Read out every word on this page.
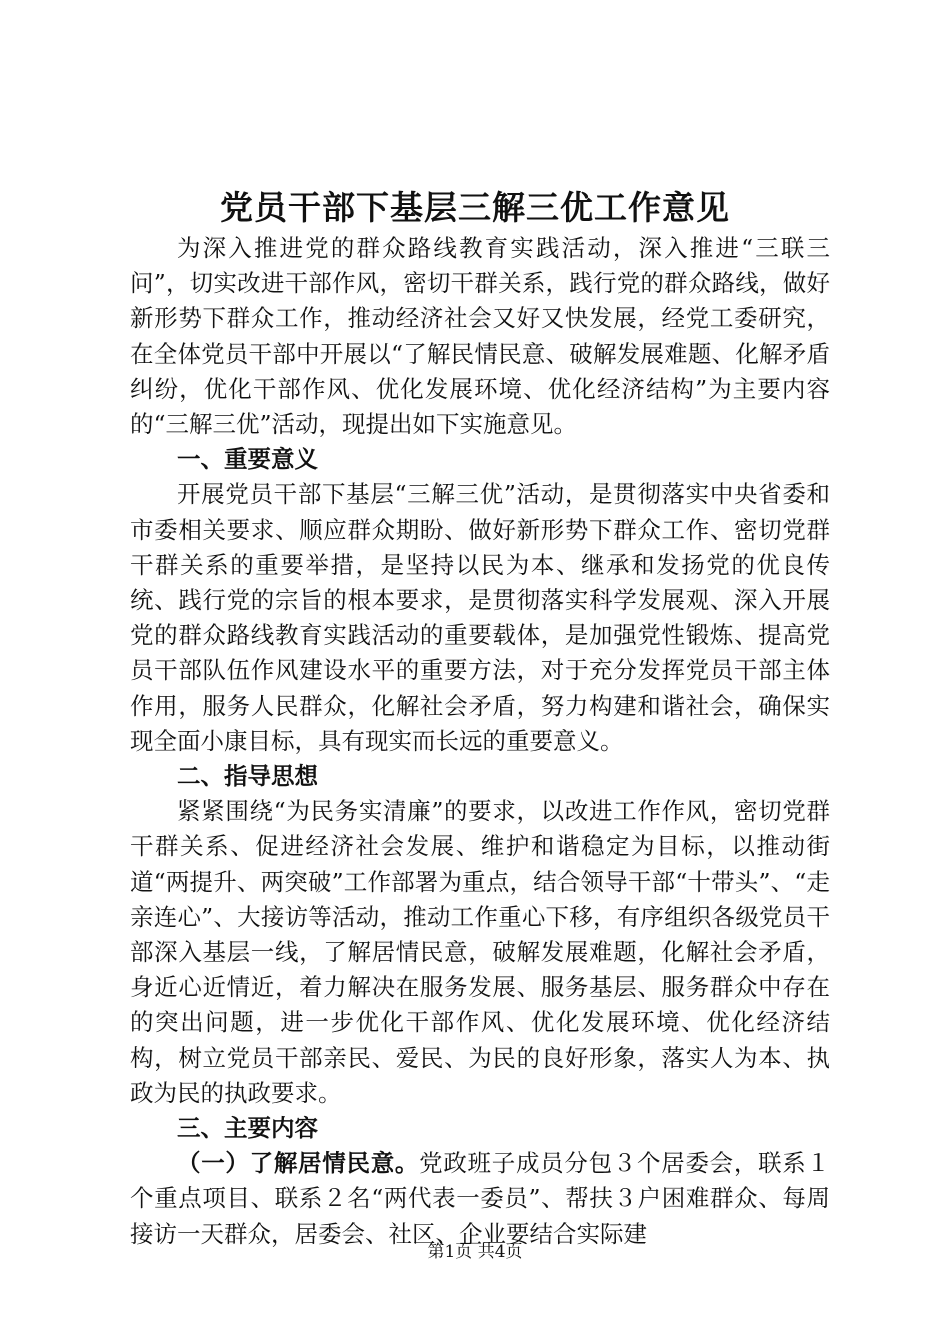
党员干部下基层三解三优工作意见

为深入推进党的群众路线教育实践活动，深入推进“三联三问”，切实改进干部作风，密切干群关系，践行党的群众路线，做好新形势下群众工作，推动经济社会又好又快发展，经党工委研究，在全体党员干部中开展以“了解民情民意、破解发展难题、化解矛盾纠纷，优化干部作风、优化发展环境、优化经济结构”为主要内容的“三解三优”活动，现提出如下实施意见。

一、重要意义

开展党员干部下基层“三解三优”活动，是贯彻落实中央省委和市委相关要求、顺应群众期盼、做好新形势下群众工作、密切党群干群关系的重要举措，是坚持以民为本、继承和发扬党的优良传统、践行党的宗旨的根本要求，是贯彻落实科学发展观、深入开展党的群众路线教育实践活动的重要载体，是加强党性锻炼、提高党员干部队伍作风建设水平的重要方法，对于充分发挥党员干部主体作用，服务人民群众，化解社会矛盾，努力构建和谐社会，确保实现全面小康目标，具有现实而长远的重要意义。

二、指导思想

紧紧围绕“为民务实清廉”的要求，以改进工作作风，密切党群干群关系、促进经济社会发展、维护和谐稳定为目标，以推动街道“两提升、两突破”工作部署为重点，结合领导干部“十带头”、“走亲连心”、大接访等活动，推动工作重心下移，有序组织各级党员干部深入基层一线，了解居情民意，破解发展难题，化解社会矛盾，身近心近情近，着力解决在服务发展、服务基层、服务群众中存在的突出问题，进一步优化干部作风、优化发展环境、优化经济结构，树立党员干部亲民、爱民、为民的良好形象，落实人为本、执政为民的执政要求。

三、主要内容

（一）了解居情民意。党政班子成员分包３个居委会，联系１个重点项目、联系２名“两代表一委员”、帮扶３户困难群众、每周接访一天群众，居委会、社区、企业要结合实际建

第1页 共4页
